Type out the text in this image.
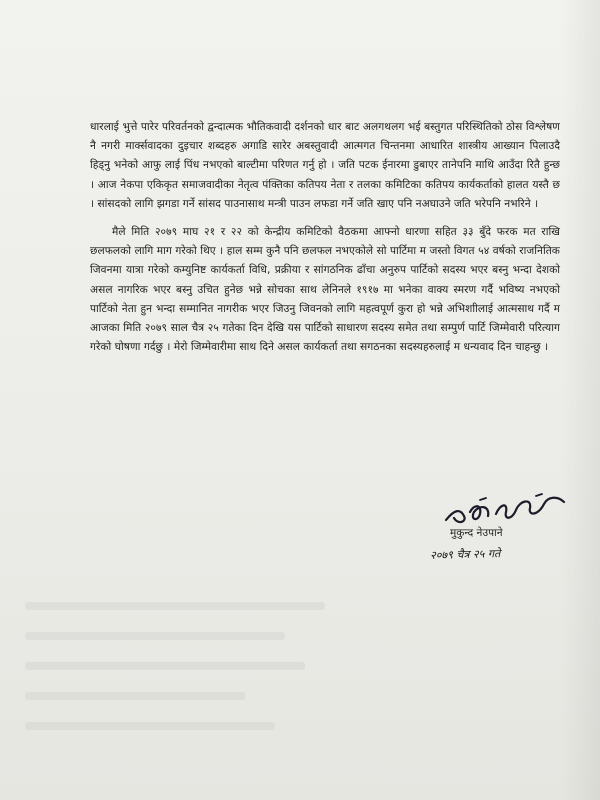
धारलाई भुत्ते पारेर परिवर्तनको द्वन्दात्मक भौतिकवादी दर्शनको धार बाट अलगथलग भई बस्तुगत परिस्थितिको ठोस विश्लेषण नै नगरी मार्क्सवादका दुइचार शब्दहरु अगाडि सारेर अबस्तुवादी आत्मगत चिन्तनमा आधारित शास्त्रीय आख्यान पिलाउदै हिड्नु भनेको आफु लाई पिंध नभएको बाल्टीमा परिणत गर्नु हो । जति पटक ईनारमा डुबाएर तानेपनि माथि आउँदा रितै हुन्छ । आज नेकपा एकिकृत समाजवादीका नेतृत्व पंक्तिका कतिपय नेता र तलका कमिटिका कतिपय कार्यकर्ताको हालत यस्तै छ । सांसदको लागि झगडा गर्ने सांसद पाउनासाथ मन्त्री पाउन लफडा गर्ने जति खाए पनि नअघाउने जति भरेपनि नभरिने ।

मैले मिति २०७९ माघ २१ र २२ को केन्द्रीय कमिटिको वैठकमा आफ्नो धारणा सहित ३३ बुँदे फरक मत राखि छलफलको लागि माग गरेको थिए । हाल सम्म कुनै पनि छलफल नभएकोले सो पार्टिमा म जस्तो विगत ५४ वर्षको राजनितिक जिवनमा यात्रा गरेको कम्युनिष्ट कार्यकर्ता विधि, प्रक्रीया र सांगठनिक ढाँचा अनुरुप पार्टिको सदस्य भएर बस्नु भन्दा देशको असल नागरिक भएर बस्नु उचित हुनेछ भन्ने सोचका साथ लेनिनले १९१७ मा भनेका वाक्य स्मरण गर्दै भविष्य नभएको पार्टिको नेता हुन भन्दा सम्मानित नागरीक भएर जिउनु जिवनको लागि महत्वपूर्ण कुरा हो भन्ने अभिशाीलाई आत्मसाथ गर्दै म आजका मिति २०७९ साल चैत्र २५ गतेका दिन देखि यस पार्टिको साधारण सदस्य समेत तथा सम्पुर्ण पार्टि जिम्मेवारी परित्याग गरेको घोषणा गर्दछु । मेरो जिम्मेवारीमा साथ दिने असल कार्यकर्ता तथा सगठनका सदस्यहरुलाई म धन्यवाद दिन चाहन्छु ।

मुकुन्द नेउपाने
२०७९ चैत्र २५ गते
